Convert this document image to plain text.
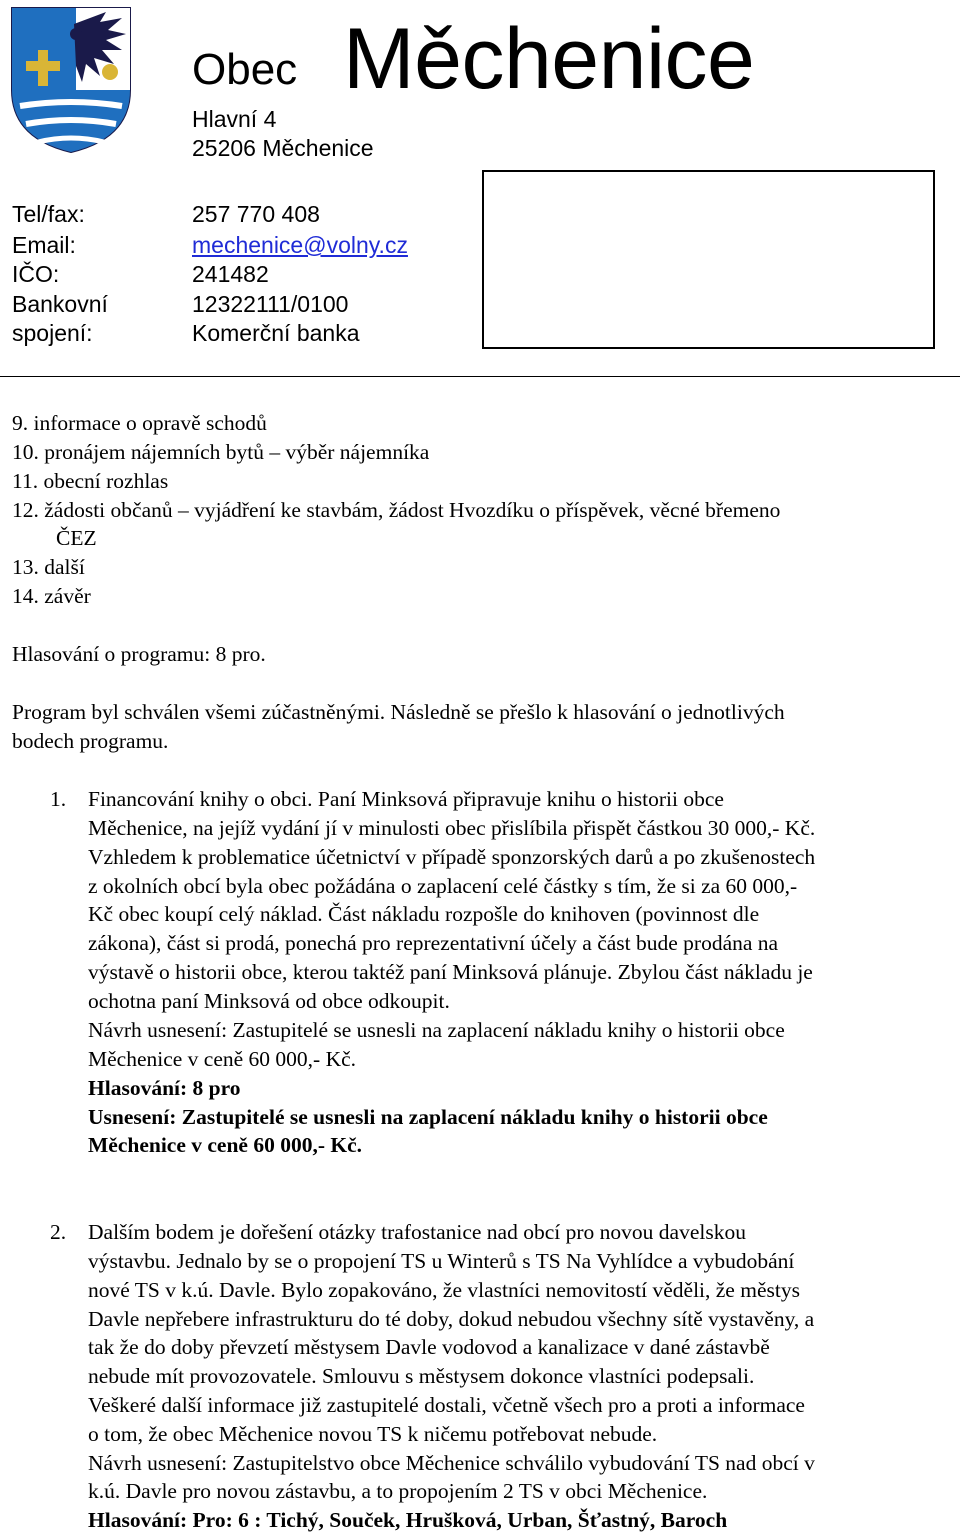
Obec Měchenice
Hlavní 4
25206 Měchenice
Tel/fax:	257 770 408
Email:	mechenice@volny.cz
IČO:	241482
Bankovní	12322111/0100
spojení:	Komerční banka
9. informace o opravě schodů
10. pronájem nájemních bytů – výběr nájemníka
11. obecní rozhlas
12. žádosti občanů – vyjádření ke stavbám, žádost Hvozdíku o příspěvek, věcné břemeno
ČEZ
13. další
14. závěr
Hlasování o programu: 8 pro.
Program byl schválen všemi zúčastněnými. Následně se přešlo k hlasování o jednotlivých
bodech programu.
1. Financování knihy o obci. Paní Minksová připravuje knihu o historii obce
Měchenice, na jejíž vydání jí v minulosti obec přislíbila přispět částkou 30 000,- Kč.
Vzhledem k problematice účetnictví v případě sponzorských darů a po zkušenostech
z okolních obcí byla obec požádána o zaplacení celé částky s tím, že si za 60 000,-
Kč obec koupí celý náklad. Část nákladu rozpošle do knihoven (povinnost dle
zákona), část si prodá, ponechá pro reprezentativní účely a část bude prodána na
výstavě o historii obce, kterou taktéž paní Minksová plánuje. Zbylou část nákladu je
ochotna paní Minksová od obce odkoupit.
Návrh usnesení: Zastupitelé se usnesli na zaplacení nákladu knihy o historii obce
Měchenice v ceně 60 000,- Kč.
Hlasování: 8 pro
Usnesení: Zastupitelé se usnesli na zaplacení nákladu knihy o historii obce
Měchenice v ceně 60 000,- Kč.
2. Dalším bodem je dořešení otázky trafostanice nad obcí pro novou davelskou
výstavbu. Jednalo by se o propojení TS u Winterů s TS Na Vyhlídce a vybudobání
nové TS v k.ú. Davle. Bylo zopakováno, že vlastníci nemovitostí věděli, že městys
Davle nepřebere infrastrukturu do té doby, dokud nebudou všechny sítě vystavěny, a
tak že do doby převzetí městysem Davle vodovod a kanalizace v dané zástavbě
nebude mít provozovatele. Smlouvu s městysem dokonce vlastníci podepsali.
Veškeré další informace již zastupitelé dostali, včetně všech pro a proti a informace
o tom, že obec Měchenice novou TS k ničemu potřebovat nebude.
Návrh usnesení: Zastupitelstvo obce Měchenice schválilo vybudování TS nad obcí v
k.ú. Davle pro novou zástavbu, a to propojením 2 TS v obci Měchenice.
Hlasování: Pro: 6 : Tichý, Souček, Hrušková, Urban, Šťastný, Baroch
